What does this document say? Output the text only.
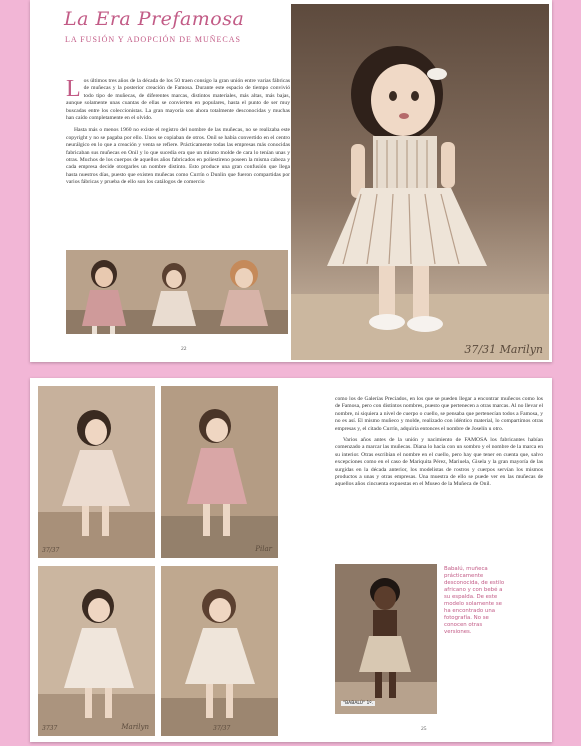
La Era Prefamosa
LA FUSIÓN Y ADOPCIÓN DE MUÑECAS
L os últimos tres años de la década de los 50 traen consigo la gran unión entre varias fábricas de muñecas y la posterior creación de Famosa. Durante este espacio de tiempo convivió todo tipo de muñecas, de diferentes marcas, distintos materiales, más altas, más bajas, aunque solamente unas cuantas de ellas se convierten en populares, hasta el punto de ser muy buscadas entre los coleccionistas. La gran mayoría son ahora totalmente desconocidas y muchas han caído completamente en el olvido.
Hasta más o menos 1960 no existe el registro del nombre de las muñecas, no se realizaba este copyright y no se pagaba por ello. Unos se copiaban de otros. Onil se había convertido en el centro neurálgico en lo que a creación y venta se refiere. Prácticamente todas las empresas más conocidas fabricaban sus muñecas en Onil y lo que sucedía era que un mismo molde de cara lo tenían unas y otras. Muchos de los cuerpos de aquellos años fabricados en poliestireno poseen la misma cabeza y cada empresa decide otorgarles un nombre distinto. Esto produce una gran confusión que llega hasta nuestros días, puesto que existen muñecas como Currín o Dunlin que fueron compartidas por varios fábricas y prueba de ello son los catálogos de comercio
22	37/31 Marilyn
37/37	Pilar
3737	Marilyn	37/37
como los de Galerías Preciados, en los que se pueden llegar a encontrar muñecos como los de Famosa, pero con distintos nombres, puesto que pertenecen a otras marcas. Al no llevar el nombre, ni siquiera a nivel de cuerpo o cuello, se pensaba que pertenecían todos a Famosa, y no es así. El mismo muñeco y molde, realizado con idéntico material, lo compartimos otras empresas y, el citado Currín, adquiría entonces el nombre de Joselín u otro.
Varios años antes de la unión y nacimiento de FAMOSA los fabricantes habían comenzado a marcar las muñecas. Diana lo hacía con un sombro y el nombre de la marca en su interior. Otras escribían el nombre en el cuello, pero hay que tener en cuenta que, salvo excepciones como en el caso de Mariquita Pérez, Mariuela, Gisela y la gran mayoría de las surgidas en la década anterior, los modelistas de rostros y cuerpos servían los mismos productos a unas y otras empresas. Una muestra de ello se puede ver en las muñecas de aquellos años cincuenta expuestas en el Museo de la Muñeca de Onil.
"BABALÚ" 1º.
Babalú, muñeca prácticamente desconocida, de estilo africano y con bebé a su espalda. De este modelo solamente se ha encontrado una fotografía. No se conocen otras versiones.
25
